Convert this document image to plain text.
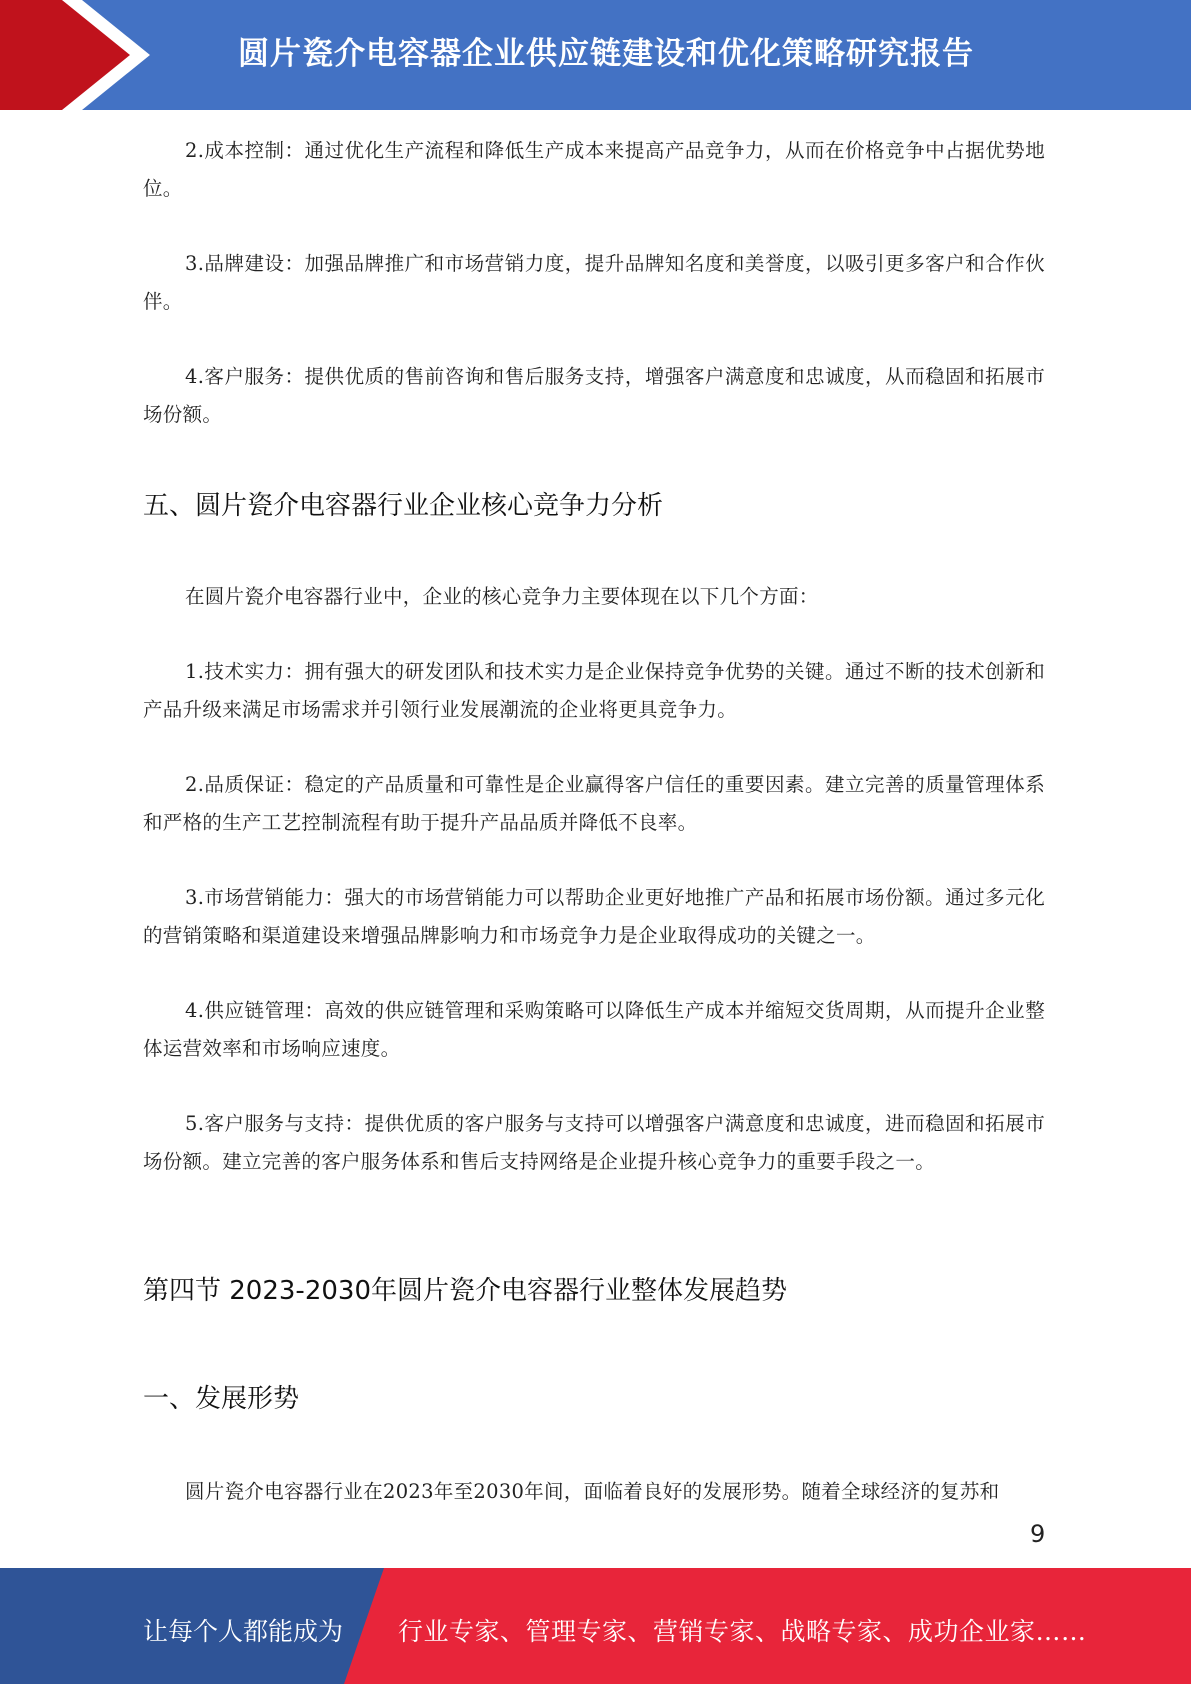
圆片瓷介电容器企业供应链建设和优化策略研究报告

2.成本控制：通过优化生产流程和降低生产成本来提高产品竞争力，从而在价格竞争中占据优势地位。

3.品牌建设：加强品牌推广和市场营销力度，提升品牌知名度和美誉度，以吸引更多客户和合作伙伴。

4.客户服务：提供优质的售前咨询和售后服务支持，增强客户满意度和忠诚度，从而稳固和拓展市场份额。

五、圆片瓷介电容器行业企业核心竞争力分析

在圆片瓷介电容器行业中，企业的核心竞争力主要体现在以下几个方面：

1.技术实力：拥有强大的研发团队和技术实力是企业保持竞争优势的关键。通过不断的技术创新和产品升级来满足市场需求并引领行业发展潮流的企业将更具竞争力。

2.品质保证：稳定的产品质量和可靠性是企业赢得客户信任的重要因素。建立完善的质量管理体系和严格的生产工艺控制流程有助于提升产品品质并降低不良率。

3.市场营销能力：强大的市场营销能力可以帮助企业更好地推广产品和拓展市场份额。通过多元化的营销策略和渠道建设来增强品牌影响力和市场竞争力是企业取得成功的关键之一。

4.供应链管理：高效的供应链管理和采购策略可以降低生产成本并缩短交货周期，从而提升企业整体运营效率和市场响应速度。

5.客户服务与支持：提供优质的客户服务与支持可以增强客户满意度和忠诚度，进而稳固和拓展市场份额。建立完善的客户服务体系和售后支持网络是企业提升核心竞争力的重要手段之一。

第四节 2023-2030年圆片瓷介电容器行业整体发展趋势
一、发展形势

圆片瓷介电容器行业在2023年至2030年间，面临着良好的发展形势。随着全球经济的复苏和

9
让每个人都能成为 行业专家、管理专家、营销专家、战略专家、成功企业家……
